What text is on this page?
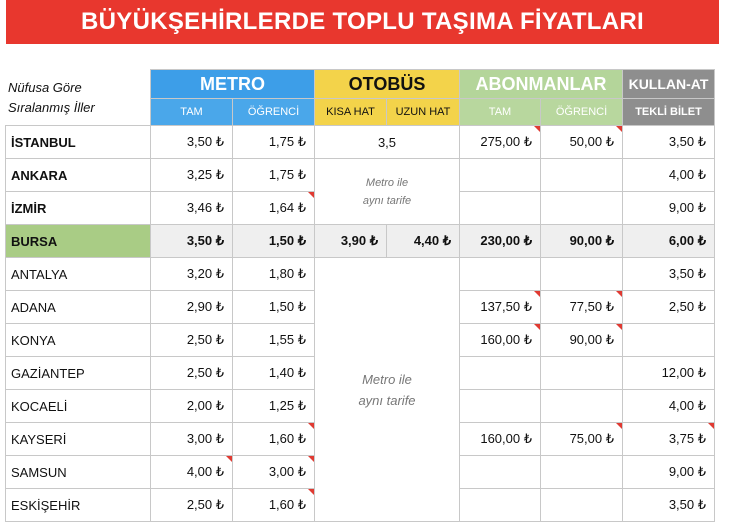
BÜYÜKŞEHİRLERDE TOPLU TAŞIMA FİYATLARI
Nüfusa Göre
Sıralanmış İller
	METRO		OTOBÜS		ABONMANLAR		KULLAN-AT
	TAM	ÖĞRENCİ	KISA HAT	UZUN HAT	TAM	ÖĞRENCİ	TEKLİ BİLET
İSTANBUL	3,50 ₺	1,75 ₺	3,5		275,00 ₺	50,00 ₺	3,50 ₺
ANKARA	3,25 ₺	1,75 ₺	Metro ile
aynı tarife				4,00 ₺
İZMİR	3,46 ₺	1,64 ₺					9,00 ₺
BURSA	3,50 ₺	1,50 ₺	3,90 ₺	4,40 ₺	230,00 ₺	90,00 ₺	6,00 ₺
ANTALYA	3,20 ₺	1,80 ₺	Metro ile
aynı tarife				3,50 ₺
ADANA	2,90 ₺	1,50 ₺			137,50 ₺	77,50 ₺	2,50 ₺
KONYA	2,50 ₺	1,55 ₺			160,00 ₺	90,00 ₺

GAZİANTEP	2,50 ₺	1,40 ₺					12,00 ₺
KOCAELİ	2,00 ₺	1,25 ₺					4,00 ₺
KAYSERİ	3,00 ₺	1,60 ₺			160,00 ₺	75,00 ₺	3,75 ₺

SAMSUN	4,00 ₺	3,00 ₺					9,00 ₺
ESKİŞEHİR	2,50 ₺	1,60 ₺					3,50 ₺
